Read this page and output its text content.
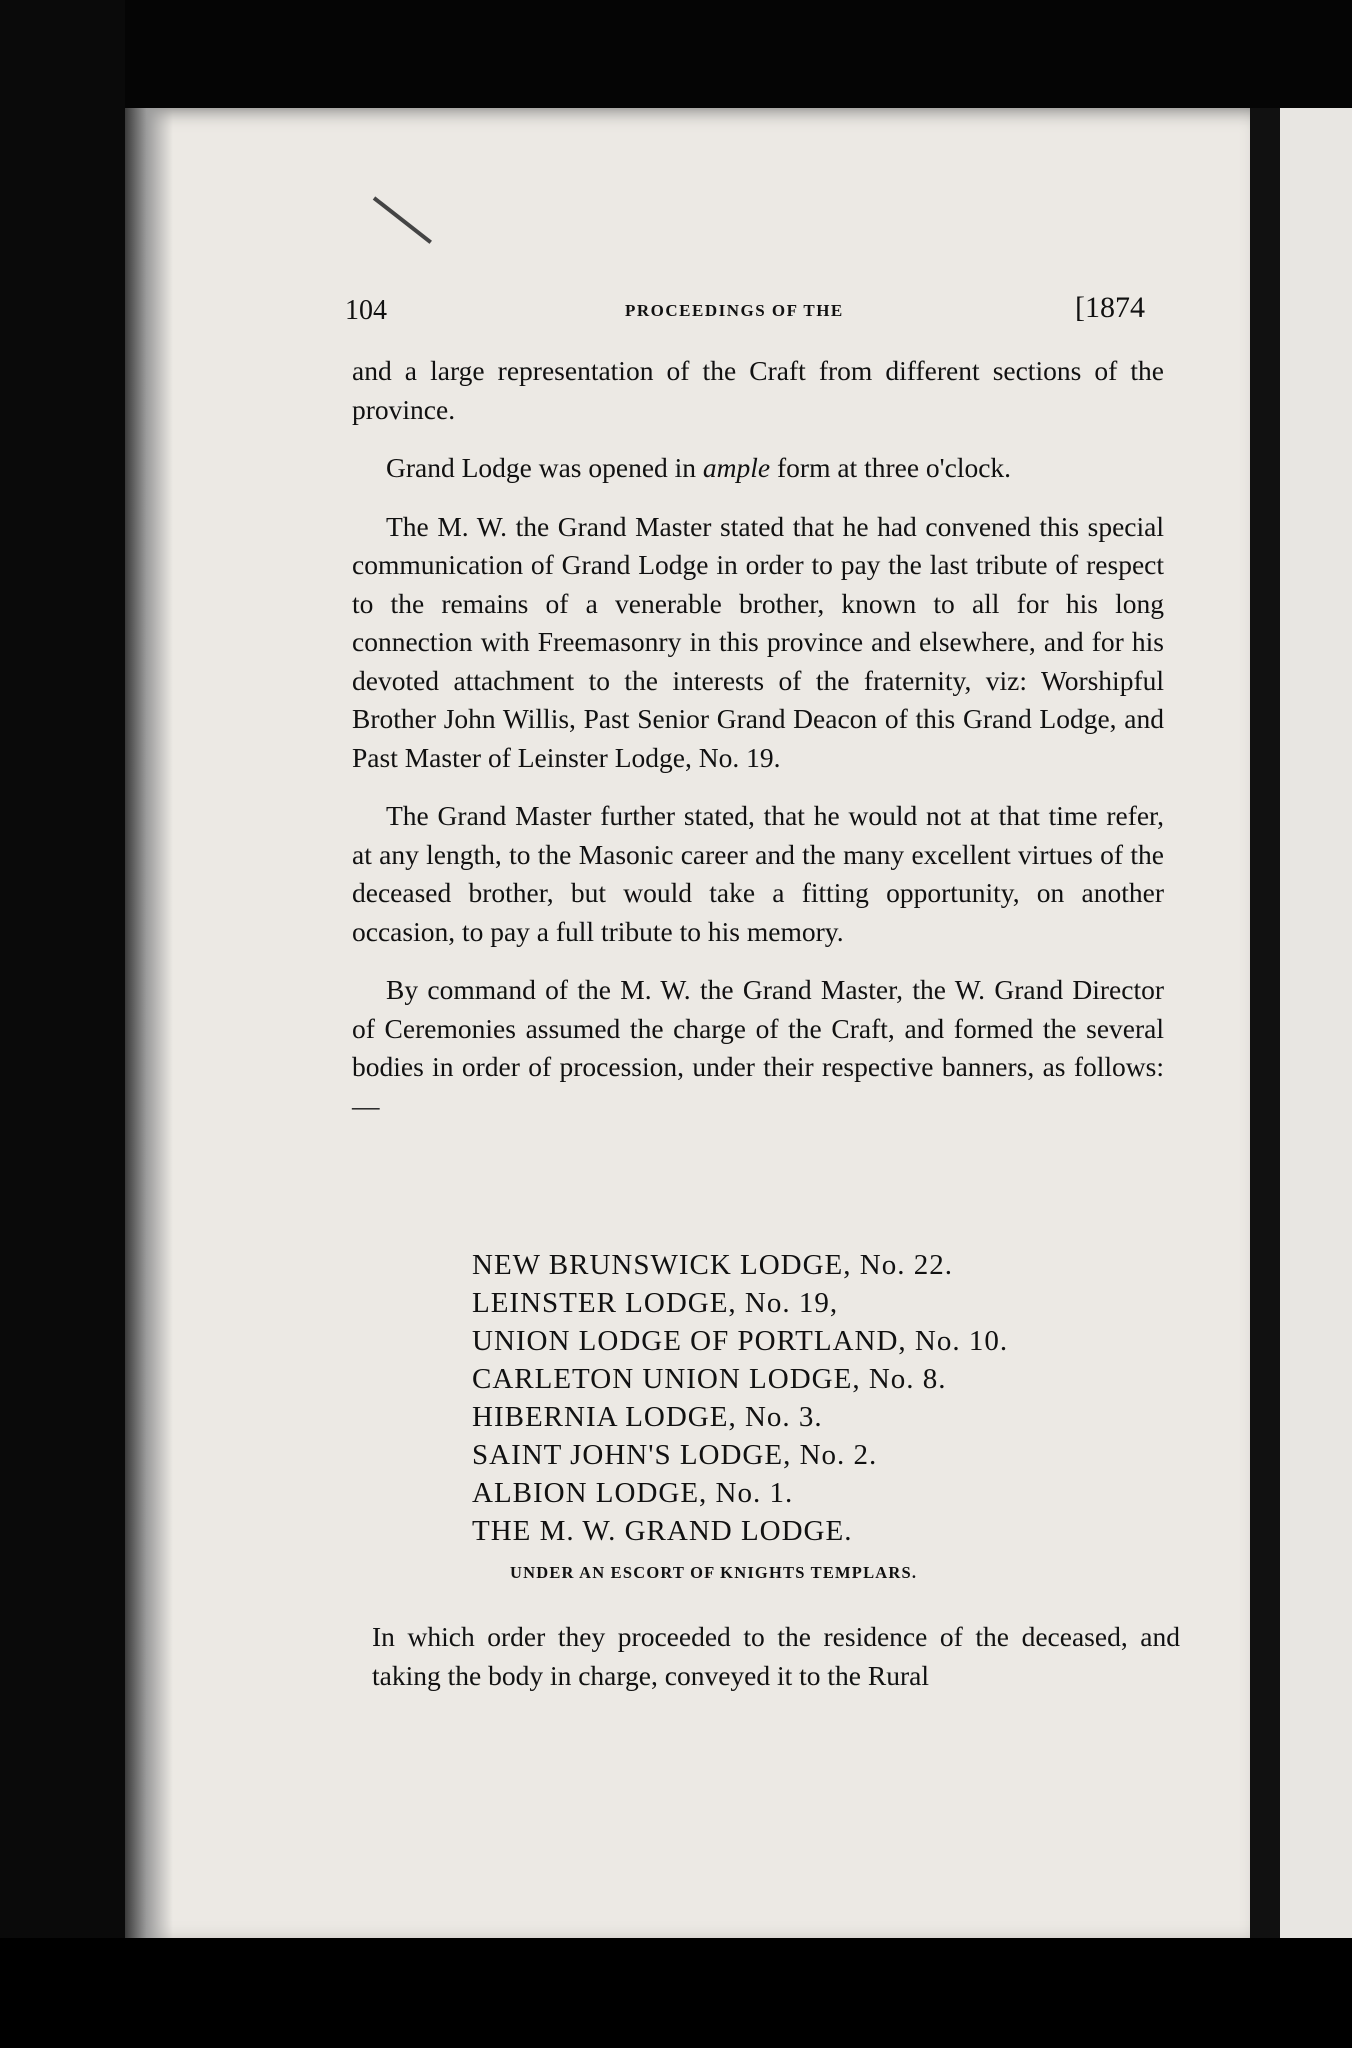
104	PROCEEDINGS OF THE	[1874

and a large representation of the Craft from different sections of the province.

Grand Lodge was opened in ample form at three o'clock.

The M. W. the Grand Master stated that he had convened this special communication of Grand Lodge in order to pay the last tribute of respect to the remains of a venerable brother, known to all for his long connection with Freemasonry in this province and elsewhere, and for his devoted attachment to the interests of the fraternity, viz: Worshipful Brother John Willis, Past Senior Grand Deacon of this Grand Lodge, and Past Master of Leinster Lodge, No. 19.

The Grand Master further stated, that he would not at that time refer, at any length, to the Masonic career and the many excellent virtues of the deceased brother, but would take a fitting opportunity, on another occasion, to pay a full tribute to his memory.

By command of the M. W. the Grand Master, the W. Grand Director of Ceremonies assumed the charge of the Craft, and formed the several bodies in order of procession, under their respective banners, as follows:—

NEW BRUNSWICK LODGE, No. 22.
LEINSTER LODGE, No. 19,
UNION LODGE OF PORTLAND, No. 10.
CARLETON UNION LODGE, No. 8.
HIBERNIA LODGE, No. 3.
SAINT JOHN'S LODGE, No. 2.
ALBION LODGE, No. 1.
THE M. W. GRAND LODGE.
UNDER AN ESCORT OF KNIGHTS TEMPLARS.

In which order they proceeded to the residence of the deceased, and taking the body in charge, conveyed it to the Rural
